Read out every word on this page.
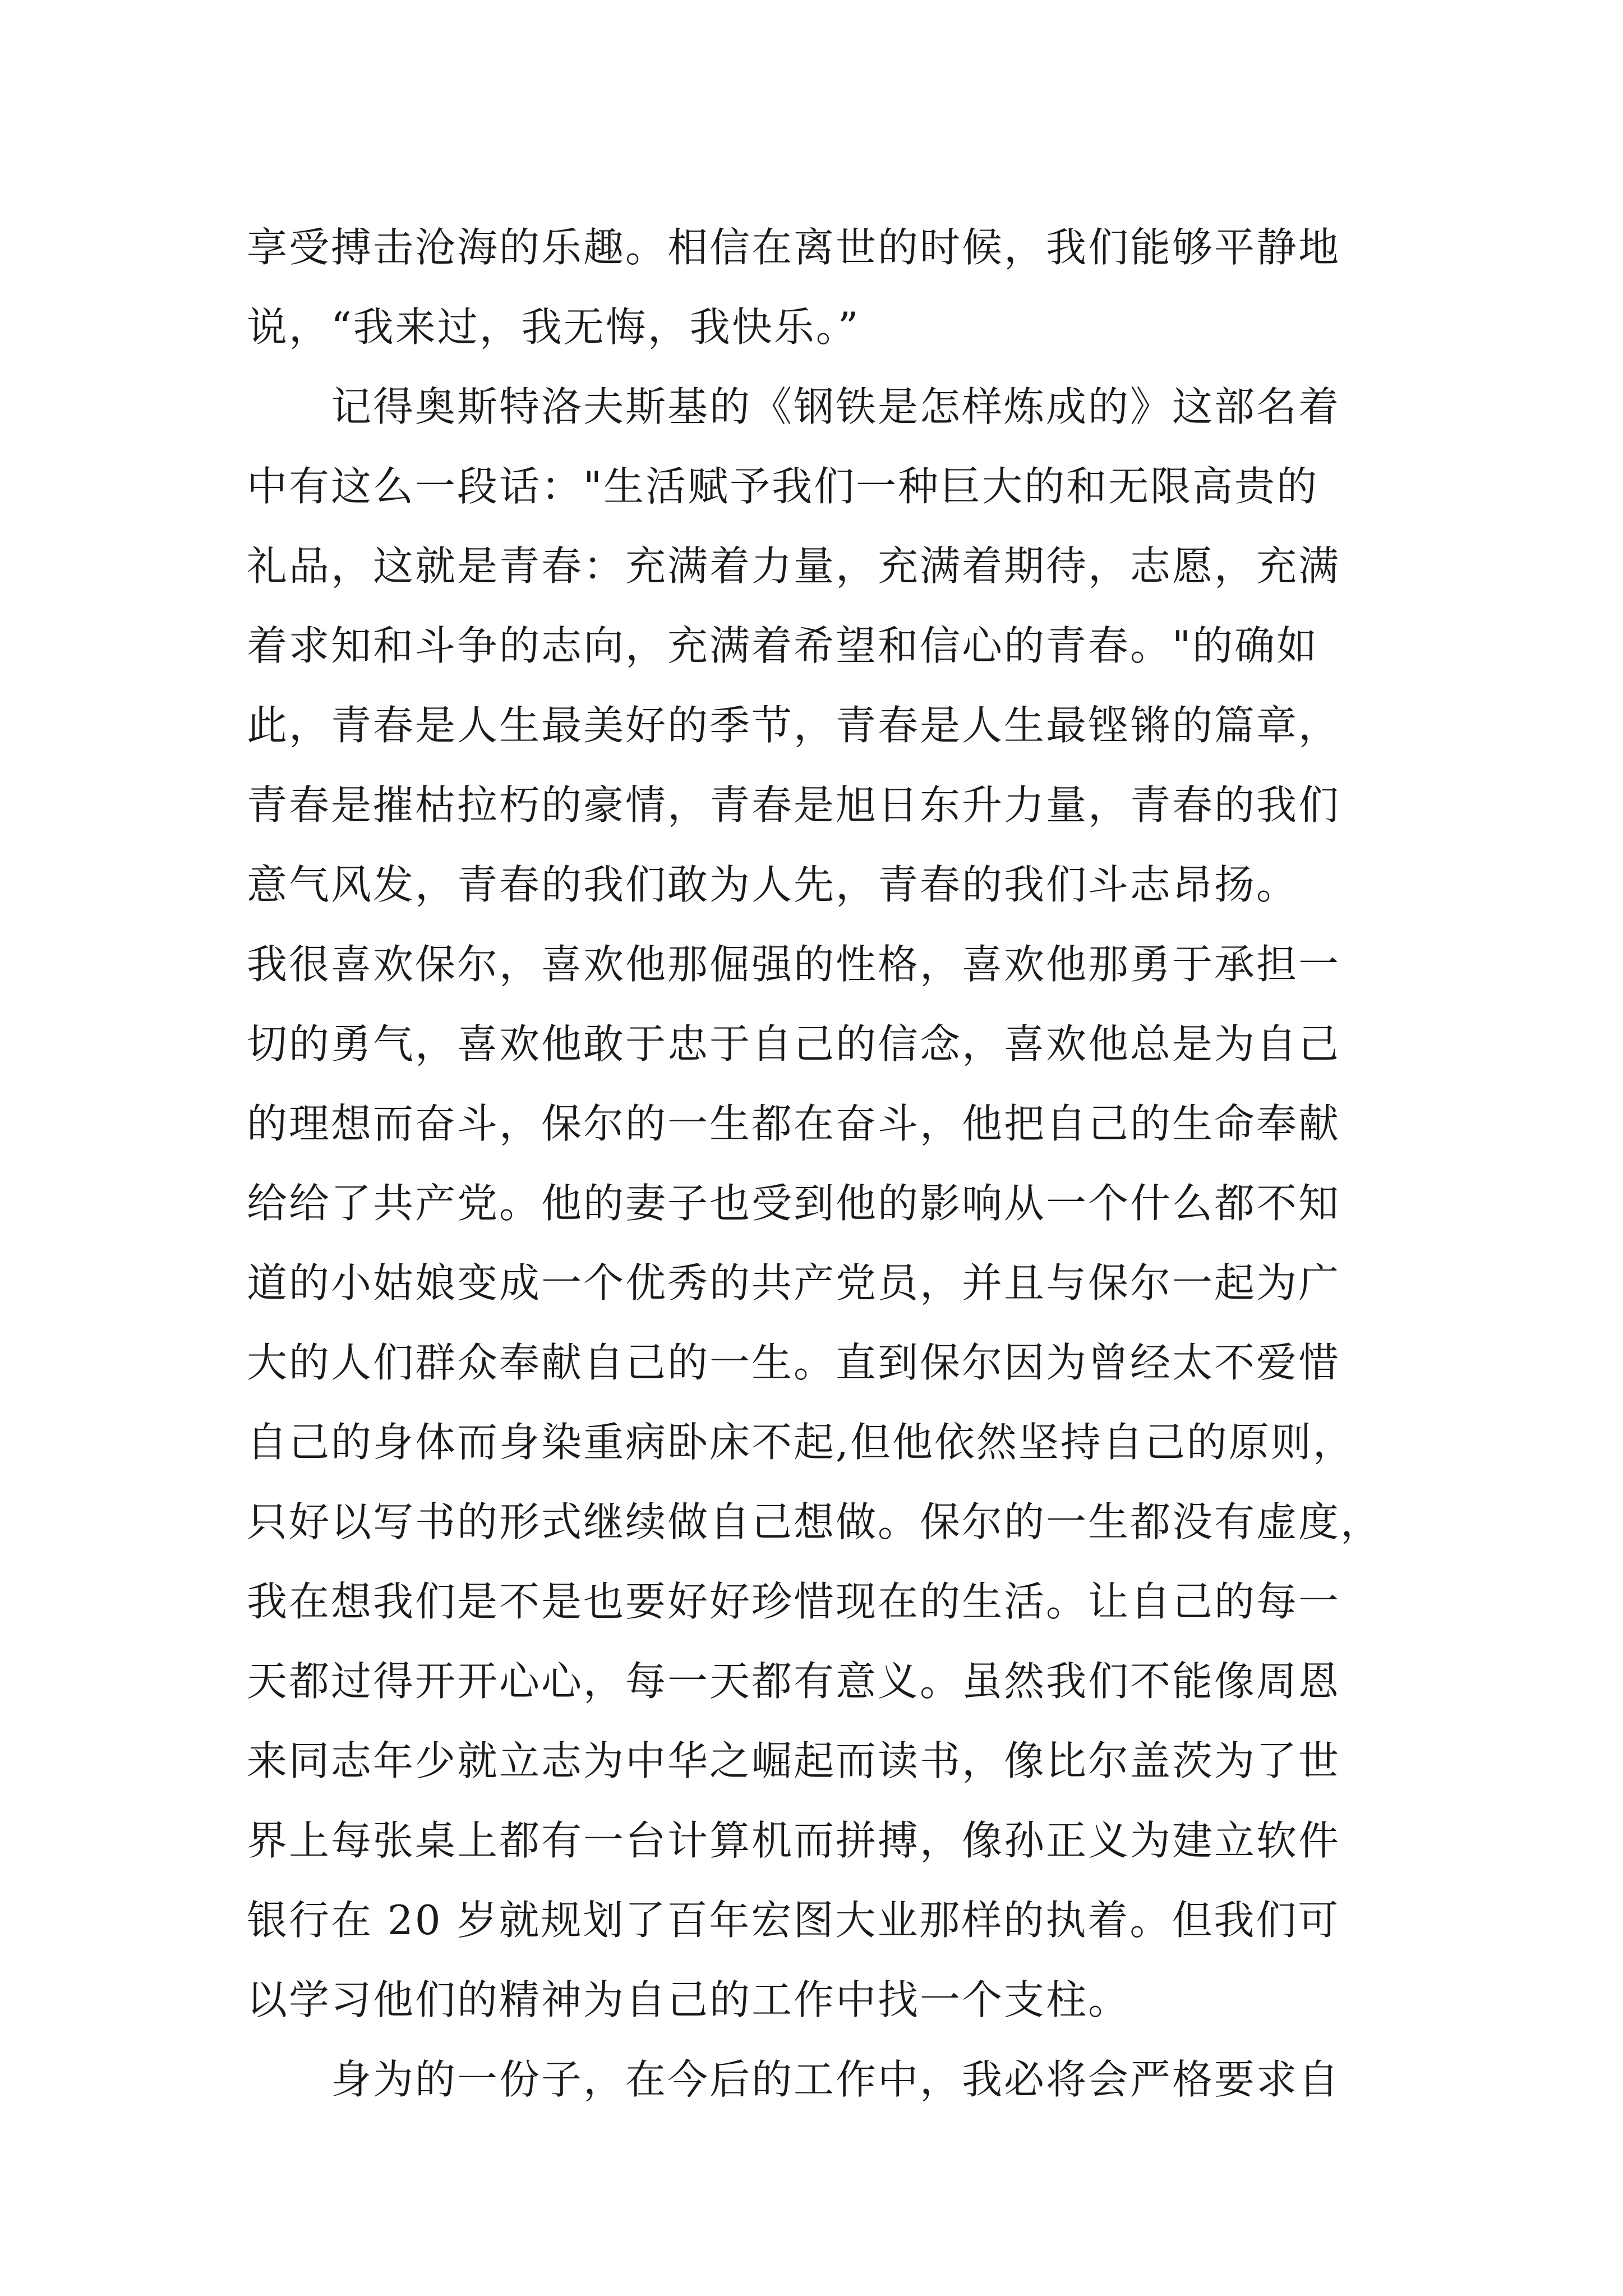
享受搏击沧海的乐趣。相信在离世的时候，我们能够平静地
说，“我来过，我无悔，我快乐。”
记得奥斯特洛夫斯基的《钢铁是怎样炼成的》这部名着
中有这么一段话："生活赋予我们一种巨大的和无限高贵的
礼品，这就是青春：充满着力量，充满着期待，志愿，充满
着求知和斗争的志向，充满着希望和信心的青春。"的确如
此，青春是人生最美好的季节，青春是人生最铿锵的篇章，
青春是摧枯拉朽的豪情，青春是旭日东升力量，青春的我们
意气风发，青春的我们敢为人先，青春的我们斗志昂扬。
我很喜欢保尔，喜欢他那倔强的性格，喜欢他那勇于承担一
切的勇气，喜欢他敢于忠于自己的信念，喜欢他总是为自己
的理想而奋斗，保尔的一生都在奋斗，他把自己的生命奉献
给给了共产党。他的妻子也受到他的影响从一个什么都不知
道的小姑娘变成一个优秀的共产党员，并且与保尔一起为广
大的人们群众奉献自己的一生。直到保尔因为曾经太不爱惜
自己的身体而身染重病卧床不起,但他依然坚持自己的原则，
只好以写书的形式继续做自己想做。保尔的一生都没有虚度，
我在想我们是不是也要好好珍惜现在的生活。让自己的每一
天都过得开开心心，每一天都有意义。虽然我们不能像周恩
来同志年少就立志为中华之崛起而读书，像比尔盖茨为了世
界上每张桌上都有一台计算机而拼搏，像孙正义为建立软件
银行在 20 岁就规划了百年宏图大业那样的执着。但我们可
以学习他们的精神为自己的工作中找一个支柱。
身为的一份子，在今后的工作中，我必将会严格要求自
